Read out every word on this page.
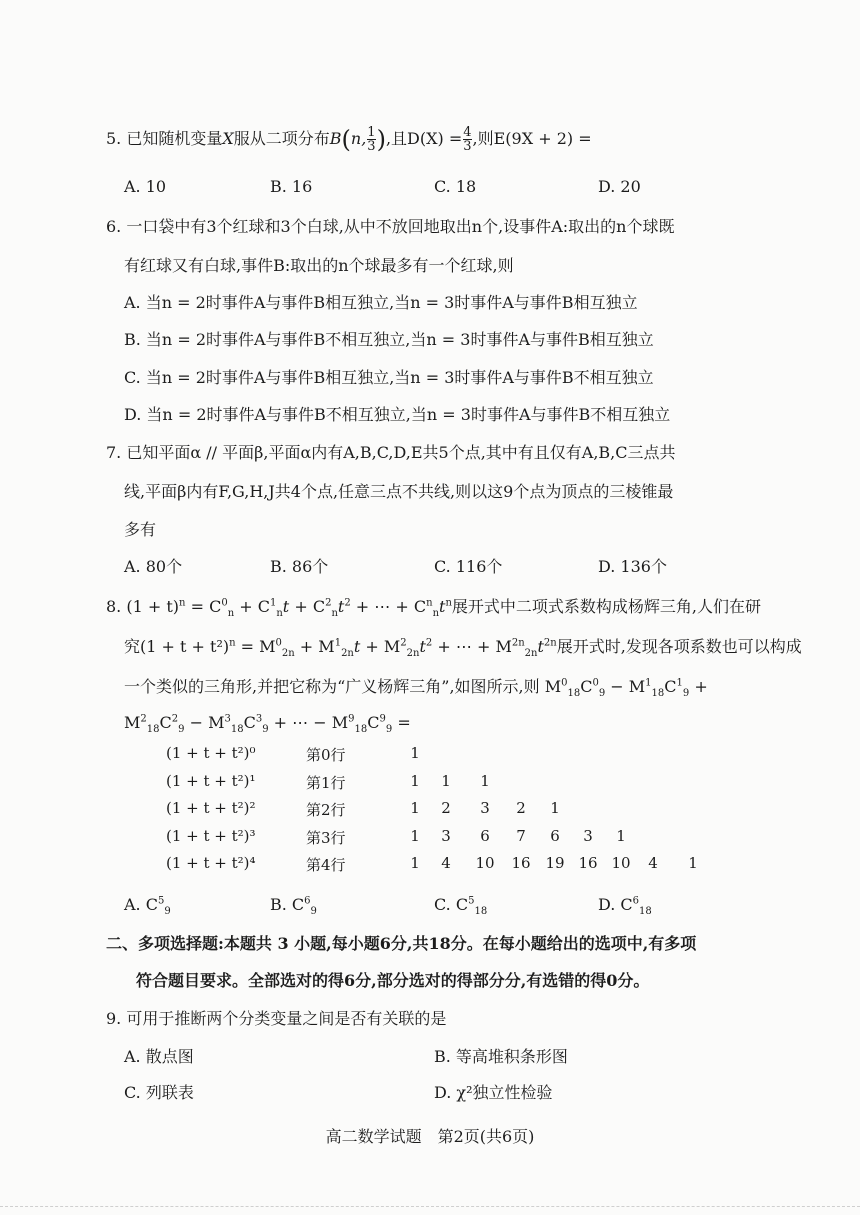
5. 已知随机变量X服从二项分布B(n, $\frac{1}{3}$ ),且$D(X) = \frac{4}{3}$ ,则E(9X + 2) =
A. 10	B. 16	C. 18	D. 20
6. 一口袋中有3个红球和3个白球,从中不放回地取出n个,设事件A:取出的n个球既
有红球又有白球,事件B:取出的n个球最多有一个红球,则
A. 当n = 2时事件A与事件B相互独立,当n = 3时事件A与事件B相互独立
B. 当n = 2时事件A与事件B不相互独立,当n = 3时事件A与事件B相互独立
C. 当n = 2时事件A与事件B相互独立,当n = 3时事件A与事件B不相互独立
D. 当n = 2时事件A与事件B不相互独立,当n = 3时事件A与事件B不相互独立
7. 已知平面α // 平面β,平面α内有A,B,C,D,E共5个点,其中有且仅有A,B,C三点共
线,平面β内有F,G,H,J共4个点,任意三点不共线,则以这9个点为顶点的三棱锥最
多有
A. 80个	B. 86个	C. 116个	D. 136个
8. $(1 + t)^n = C^0_n + C^1_nt + C^2_nt^2$ + ⋯ + $C^n_nt^n$展开式中二项式系数构成杨辉三角,人们在研
究$(1 + t + t^2)^n = M^0_{2n} + M^1_{2n}t + M^2_{2n}t^2$ + ⋯ + $M^{2n}_{2n}t^{2n}$展开式时,发现各项系数也可以构成
一个类似的三角形,并把它称为“广义杨辉三角”,如图所示,则 $M^0_{18}C^0_9 - M^1_{18}C^1_9$ +
$M^2_{18}C^2_9 - M^3_{18}C^3_9$ + ⋯ − $M^9_{18}C^9_9$ =
(1 + t + t²)⁰	第0行	1
(1 + t + t²)¹	第1行	1	1	1
(1 + t + t²)²	第2行	1	2	3	2	1
(1 + t + t²)³	第3行	1	3	6	7	6	3	1
(1 + t + t²)⁴	第4行	1	4	10	16 19 16 10	4	1
A. $C^5_9$	B. $C^6_9$	C. $C^5_{18}$	D. $C^6_{18}$
二、多项选择题:本题共 3 小题,每小题6分,共18分。在每小题给出的选项中,有多项
符合题目要求。全部选对的得6分,部分选对的得部分分,有选错的得0分。
9. 可用于推断两个分类变量之间是否有关联的是
A. 散点图	B. 等高堆积条形图
C. 列联表	D. χ²独立性检验
高二数学试题　第2页(共6页)
